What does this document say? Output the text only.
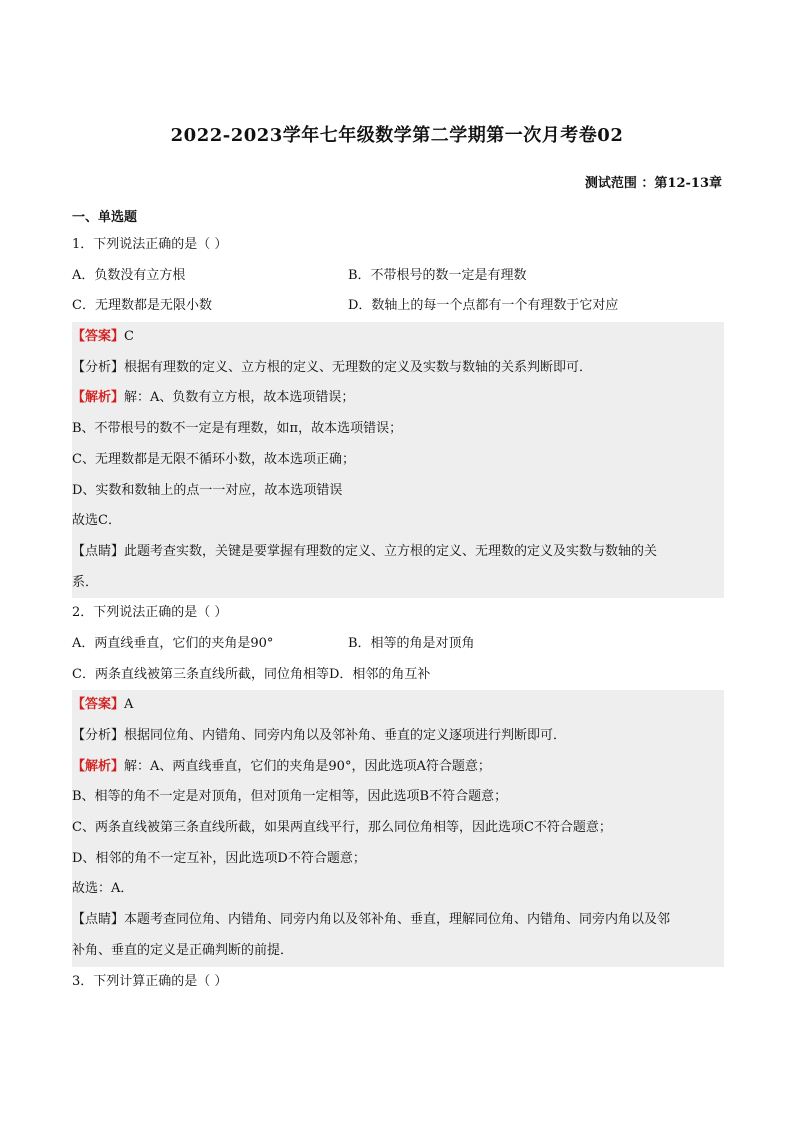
2022-2023学年七年级数学第二学期第一次月考卷02
测试范围 ：第12-13章
一、单选题
1．下列说法正确的是（ ）
A．负数没有立方根	B．不带根号的数一定是有理数
C．无理数都是无限小数	D．数轴上的每一个点都有一个有理数于它对应
【答案】C
【分析】根据有理数的定义、立方根的定义、无理数的定义及实数与数轴的关系判断即可．
【解析】解：A、负数有立方根，故本选项错误；
B、不带根号的数不一定是有理数，如π，故本选项错误；
C、无理数都是无限不循环小数，故本选项正确；
D、实数和数轴上的点一一对应，故本选项错误
故选C．
【点睛】此题考查实数，关键是要掌握有理数的定义、立方根的定义、无理数的定义及实数与数轴的关
系．
2．下列说法正确的是（ ）
A．两直线垂直，它们的夹角是90°	B．相等的角是对顶角
C．两条直线被第三条直线所截，同位角相等 D．相邻的角互补
【答案】A
【分析】根据同位角、内错角、同旁内角以及邻补角、垂直的定义逐项进行判断即可．
【解析】解：A、两直线垂直，它们的夹角是90°，因此选项A符合题意；
B、相等的角不一定是对顶角，但对顶角一定相等，因此选项B不符合题意；
C、两条直线被第三条直线所截，如果两直线平行，那么同位角相等，因此选项C不符合题意；
D、相邻的角不一定互补，因此选项D不符合题意；
故选：A．
【点睛】本题考查同位角、内错角、同旁内角以及邻补角、垂直，理解同位角、内错角、同旁内角以及邻
补角、垂直的定义是正确判断的前提．
3．下列计算正确的是（ ）
